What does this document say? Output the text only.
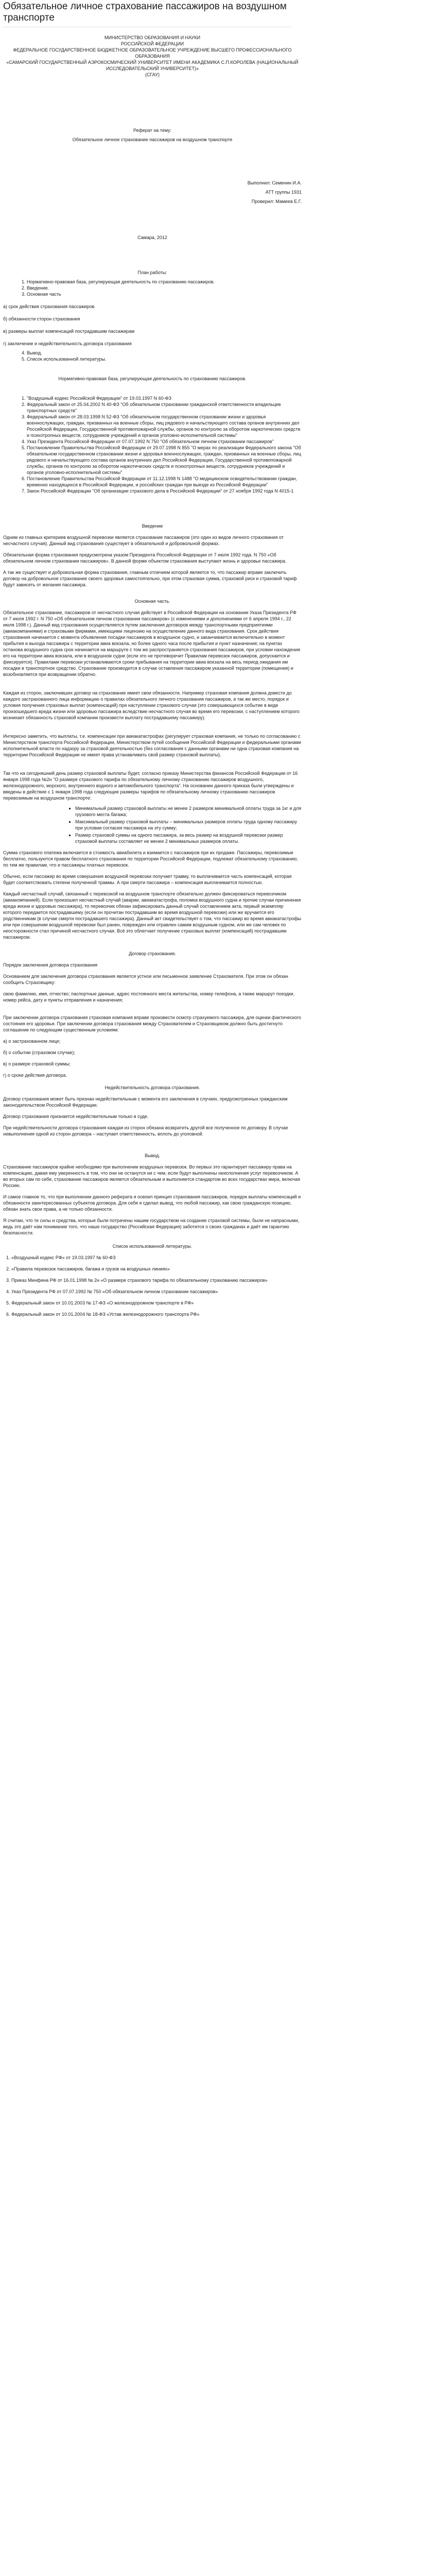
Обязательное личное страхование пассажиров на воздушном транспорте

МИНИСТЕРСТВО ОБРАЗОВАНИЯ И НАУКИ

РОССИЙСКОЙ ФЕДЕРАЦИИ

ФЕДЕРАЛЬНОЕ ГОСУДАРСТВЕННОЕ БЮДЖЕТНОЕ ОБРАЗОВАТЕЛЬНОЕ УЧРЕЖДЕНИЕ ВЫСШЕГО ПРОФЕССИОНАЛЬНОГО ОБРАЗОВАНИЯ

«САМАРСКИЙ ГОСУДАРСТВЕННЫЙ АЭРОКОСМИЧЕСКИЙ УНИВЕРСИТЕТ ИМЕНИ АКАДЕМИКА С.П.КОРОЛЕВА (НАЦИОНАЛЬНЫЙ ИССЛЕДОВАТЕЛЬСКИЙ УНИВЕРСИТЕТ)»

(СГАУ)

Реферат на тему:

Обязательное личное страхование пассажиров на воздушном транспорте

Выполнил: Семенин И.А.

АТТ группы 1931

Проверил: Мамеев Е.Г.

Самара, 2012

План работы:

1. Нормативно-правовая база, регулирующая деятельность по страхованию пассажиров.
2. Введение.
3. Основная часть

а) срок действия страхования пассажиров

б) обязанности сторон страхования

в) размеры выплат компенсаций пострадавшим пассажирам

г) заключение и недействительность договора страхования

4. Вывод.
5. Список использованной литературы.

Нормативно-правовая база, регулирующая деятельность по страхованию пассажиров.

1. "Воздушный кодекс Российской Федерации" от 19.03.1997 N 60-ФЗ
2. Федеральный закон от 25.04.2002 N 40-ФЗ "Об обязательном страховании гражданской ответственности владельцев транспортных средств"
3. Федеральный закон от 28.03.1998 N 52-ФЗ "Об обязательном государственном страховании жизни и здоровья военнослужащих, граждан, призванных на военные сборы, лиц рядового и начальствующего состава органов внутренних дел Российской Федерации, Государственной противопожарной службы, органов по контролю за оборотом наркотических средств и психотропных веществ, сотрудников учреждений и органов уголовно-исполнительной системы"
4. Указ Президента Российской Федерации от 07.07.1992 N 750 "Об обязательном личном страховании пассажиров"
5. Постановление Правительства Российской Федерации от 29.07.1998 N 855 "О мерах по реализации Федерального закона "Об обязательном государственном страховании жизни и здоровья военнослужащих, граждан, призванных на военные сборы, лиц рядового и начальствующего состава органов внутренних дел Российской Федерации, Государственной противопожарной службы, органов по контролю за оборотом наркотических средств и психотропных веществ, сотрудников учреждений и органов уголовно-исполнительной системы"
6. Постановление Правительства Российской Федерации от 11.12.1998 N 1488 "О медицинском освидетельствовании граждан, временно находящихся в Российской Федерации, и российских граждан при выезде из Российской Федерации"
7. Закон Российской Федерации "Об организации страхового дела в Российской Федерации" от 27 ноября 1992 года N 4015-1

Введение

Одним из главных критериев воздушной перевозки является страхование пассажиров (это один из видов личного страхования от несчастного случая). Данный вид страхования существует в обязательной и добровольной формах.

Обязательная форма страхования предусмотрена указом Президента Российской Федерации от 7 июля 1992 года. N 750 «Об обязательном личном страховании пассажиров». В данной форме объектом страхования выступают жизнь и здоровье пассажира.

А так же существует и добровольная форма страхования, главным отличием которой является то, что пассажир вправе заключить договор на добровольное страхование своего здоровья самостоятельно, при этом страховая сумма, страховой риск и страховой тариф будут зависеть от желания пассажира.

Основная часть.

Обязательное страхование, пассажиров от несчастного случая действует в Российской Федерации на основании Указа Президента РФ от 7 июля 1992 г. N 750 «Об обязательном личном страховании пассажиров» (с изменениями и дополнениями от 6 апреля 1994 г., 22 июля 1998 г.). Данный вид страхования осуществляется путем заключения договоров между транспортными предприятиями (авиакомпаниями) и страховыми фирмами, имеющими лицензию на осуществление данного вида страхования. Срок действия страхования начинается с момента объявления посадки пассажиров в воздушное судно, и заканчивается включительно в момент прибытия и выхода пассажира с территории авиа вокзала, но более одного часа после прибытия и пункт назначения; на пунктах останова воздушного судна срок начинается на маршруте с том же распространяется страхования пассажиров, при условии нахождения его на территории авиа вокзала, или в воздушном судне (если это не противоречит Правилам перевозок пассажиров, допускается и фиксируется). Правилами перевозки устанавливаются сроки пребывания на территории авиа вокзала на весь период ожидания им посадки в транспортное средство. Страхование производится в случае оставления пассажиром указанной территории (помещения) и возобновляется при возвращении обратно.

Каждая из сторон, заключивших договор на страхование имеет свои обязанности. Например страховая компания должна довести до каждого застрахованного лица информацию о правилах обязательного личного страхования пассажиров, а так же место, порядок и условия получения страховых выплат (компенсаций) при наступлении страхового случая (это совершающихся событие в виде произошедшего вреда жизни или здоровью пассажира вследствие несчастного случая во время его перевозки, с наступлением которого возникает обязанность страховой компании произвести выплату пострадавшему пассажиру).

Интересно заметить, что выплаты, т.е. компенсации при авиакатастрофах (регулирует страховая компания, не только по согласованию с Министерством транспорта Российской Федерации, Министерством путей сообщения Российской Федерации и федеральными органами исполнительной власти по надзору за страховой деятельностью (без согласования с данными органами ни одна страховая компания на территории Российской Федерации не имеет права устанавливать свой размер страховой выплаты).

Так что на сегодняшний день размер страховой выплаты будет, согласно приказу Министерства финансов Российской Федерации от 16 января 1998 года №2н "О размере страхового тарифа по обязательному личному страхованию пассажиров воздушного, железнодорожного, морского, внутреннего водного и автомобильного транспорта". На основании данного приказа были утверждены и введены в действие с 1 января 1998 года следующие размеры тарифов по обязательному личному страхованию пассажиров перевозимым на воздушном транспорте:

▪ Минимальный размер страховой выплаты не менее 2 размеров минимальной оплаты труда за 1кг и для грузового места багажа;
▪ Максимальный размер страховой выплаты – минимальных размеров оплаты труда одному пассажиру при условии согласия пассажира на эту сумму;
▪ Размер страховой суммы на одного пассажира, за весь размер на воздушной перевозки размер страховой выплаты составляет не менее 2 минимальных размеров оплаты.

Сумма страхового платежа включается в стоимость авиабилета и взимается с пассажиров при их продаже. Пассажиры, перевозимые бесплатно, пользуются правом бесплатного страхования по территории Российской Федерации, подлежат обязательному страхованию, по тем же правилам, что и пассажиры платных перевозок.

Обычно, если пассажир во время совершения воздушной перевозки получает травму, то выплачивается часть компенсаций, которая будет соответствовать степени полученной травмы. А при смерти пассажира – компенсация выплачивается полностью.

Каждый несчастный случай, связанный с перевозкой на воздушном транспорте обязательно должен фиксироваться перевозчиком (авиакомпанией). Если произошел несчастный случай (аварии, авиакатастрофа, поломка воздушного судна и прочие случаи причинения вреда жизни и здоровью пассажира), то перевозчик обязан зафиксировать данный случай составлением акта, первый экземпляр которого передается пострадавшему (если он прочитан пострадавшим во время воздушной перевозки) или же вручается его родственникам (в случае смерти пострадавшего пассажира). Данный акт свидетельствует о том, что пассажир во время авиакатастрофы или при совершении воздушной перевозки был ранен, поврежден или отравлен самим воздушным судном, или же сам человек по неосторожности стал причиной несчастного случая. Всё это облегчает получение страховых выплат (компенсаций) пострадавшим пассажиром.

Договор страхования.

Порядок заключения договора страхования

Основанием для заключения договора страхования является устное или письменное заявление Страхователя. При этом он обязан сообщить Страховщику:

свою фамилию, имя, отчество; паспортные данные, адрес постоянного места жительства, номер телефона, а также маршрут поездки, номер рейса, дату и пункты отправления и назначения;

При заключении договора страхования страховая компания вправе произвести осмотр страхуемого пассажира, для оценки фактического состояния его здоровья. При заключении договора страхования между Страхователем и Страховщиком должно быть достигнуто соглашение по следующим существенным условиям:

а) о застрахованном лице;

б) о событии (страховом случае);

в) о размере страховой суммы;

г) о сроке действия договора.

Недействительность договора страхования.

Договор страхования может быть признан недействительным с момента его заключения в случаях, предусмотренных гражданским законодательством Российской Федерации.

Договор страхования признается недействительным только в суде.

При недействительности договора страхования каждая из сторон обязана возвратить другой все полученное по договору. В случае невыполнения одной из сторон договора – наступает ответственность, вплоть до уголовной.

Вывод.

Страхование пассажиров крайне необходимо при выполнении воздушных перевозок. Во первых это гарантирует пассажиру права на компенсацию, давая ему уверенность в том, что они не останутся ни с чем, если будут выполнены неисполнения услуг перевозчиком. А во вторых сам по себе, страхование пассажиров является обязательным и выполняется стандартом во всех государствах мира, включая Россию.

И самое главное то, что при выполнении данного реферата я освоил принцип страхования пассажиров, порядок выплаты компенсаций и обязанности заинтересованных субъектов договора. Для себя я сделал вывод, что любой пассажир, как свою гражданскую позицию, обязан знать свои права, а не только обязанности.

Я считаю, что те силы и средства, которые были потрачены нашим государством на создание страховой системы, были не напрасными, ведь это даёт нам понимание того, что наше государство (Российская Федерация) заботится о своих гражданах и даёт им гарантию безопасности.

Список использованной литературы.

1. «Воздушный кодекс РФ» от 19.03.1997 № 60-ФЗ
2. «Правила перевозок пассажиров, багажа и грузов на воздушных линиях»
3. Приказ Минфина РФ от 16.01.1998 № 2н «О размере страхового тарифа по обязательному страхованию пассажиров»
4. Указ Президента РФ от 07.07.1992 № 750 «Об обязательном личном страховании пассажиров»
5. Федеральный закон от 10.01.2003 № 17-ФЗ «О железнодорожном транспорте в РФ»
6. Федеральный закон от 10.01.2004 № 18-ФЗ «Устав железнодорожного транспорта РФ»
